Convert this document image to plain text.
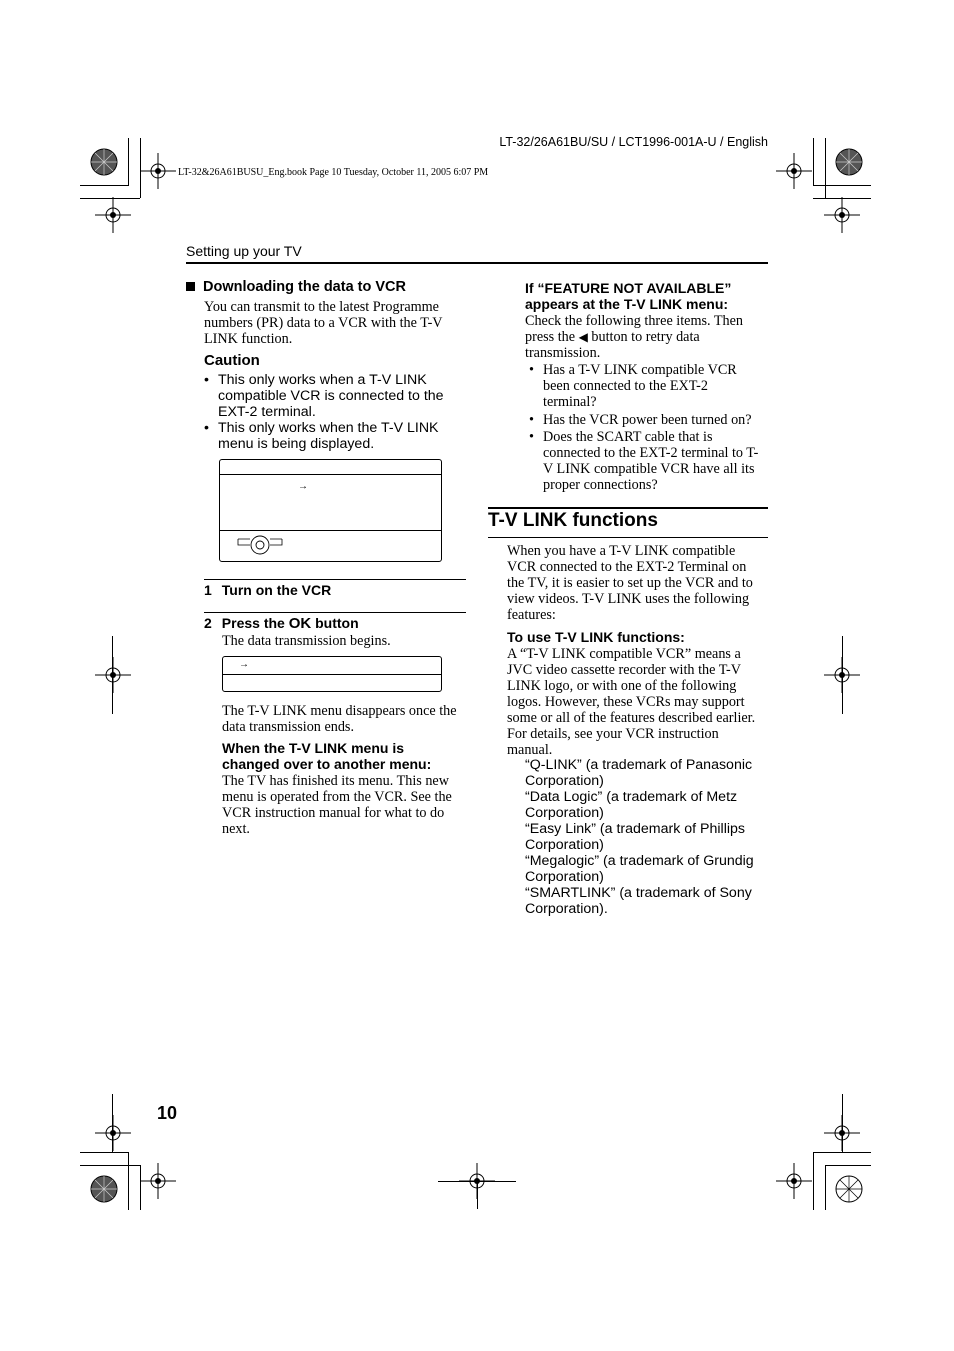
LT-32/26A61BU/SU / LCT1996-001A-U / English
LT-32&26A61BUSU_Eng.book Page 10 Tuesday, October 11, 2005 6:07 PM
Setting up your TV
Downloading the data to VCR
You can transmit to the latest Programme
numbers (PR) data to a VCR with the T-V
LINK function.
Caution
• This only works when a T-V LINK
compatible VCR is connected to the
EXT-2 terminal.
• This only works when the T-V LINK
menu is being displayed.
→
1 Turn on the VCR
2 Press the OK button
The data transmission begins.
→
The T-V LINK menu disappears once the
data transmission ends.
When the T-V LINK menu is
changed over to another menu:
The TV has finished its menu. This new
menu is operated from the VCR. See the
VCR instruction manual for what to do
next.
If “FEATURE NOT AVAILABLE”
appears at the T-V LINK menu:
Check the following three items. Then
press the ◀ button to retry data
transmission.
• Has a T-V LINK compatible VCR
been connected to the EXT-2
terminal?
• Has the VCR power been turned on?
• Does the SCART cable that is
connected to the EXT-2 terminal to T-
V LINK compatible VCR have all its
proper connections?
T-V LINK functions
When you have a T-V LINK compatible
VCR connected to the EXT-2 Terminal on
the TV, it is easier to set up the VCR and to
view videos. T-V LINK uses the following
features:
To use T-V LINK functions:
A “T-V LINK compatible VCR” means a
JVC video cassette recorder with the T-V
LINK logo, or with one of the following
logos. However, these VCRs may support
some or all of the features described earlier.
For details, see your VCR instruction
manual.
“Q-LINK” (a trademark of Panasonic
Corporation)
“Data Logic” (a trademark of Metz
Corporation)
“Easy Link” (a trademark of Phillips
Corporation)
“Megalogic” (a trademark of Grundig
Corporation)
“SMARTLINK” (a trademark of Sony
Corporation).
10
